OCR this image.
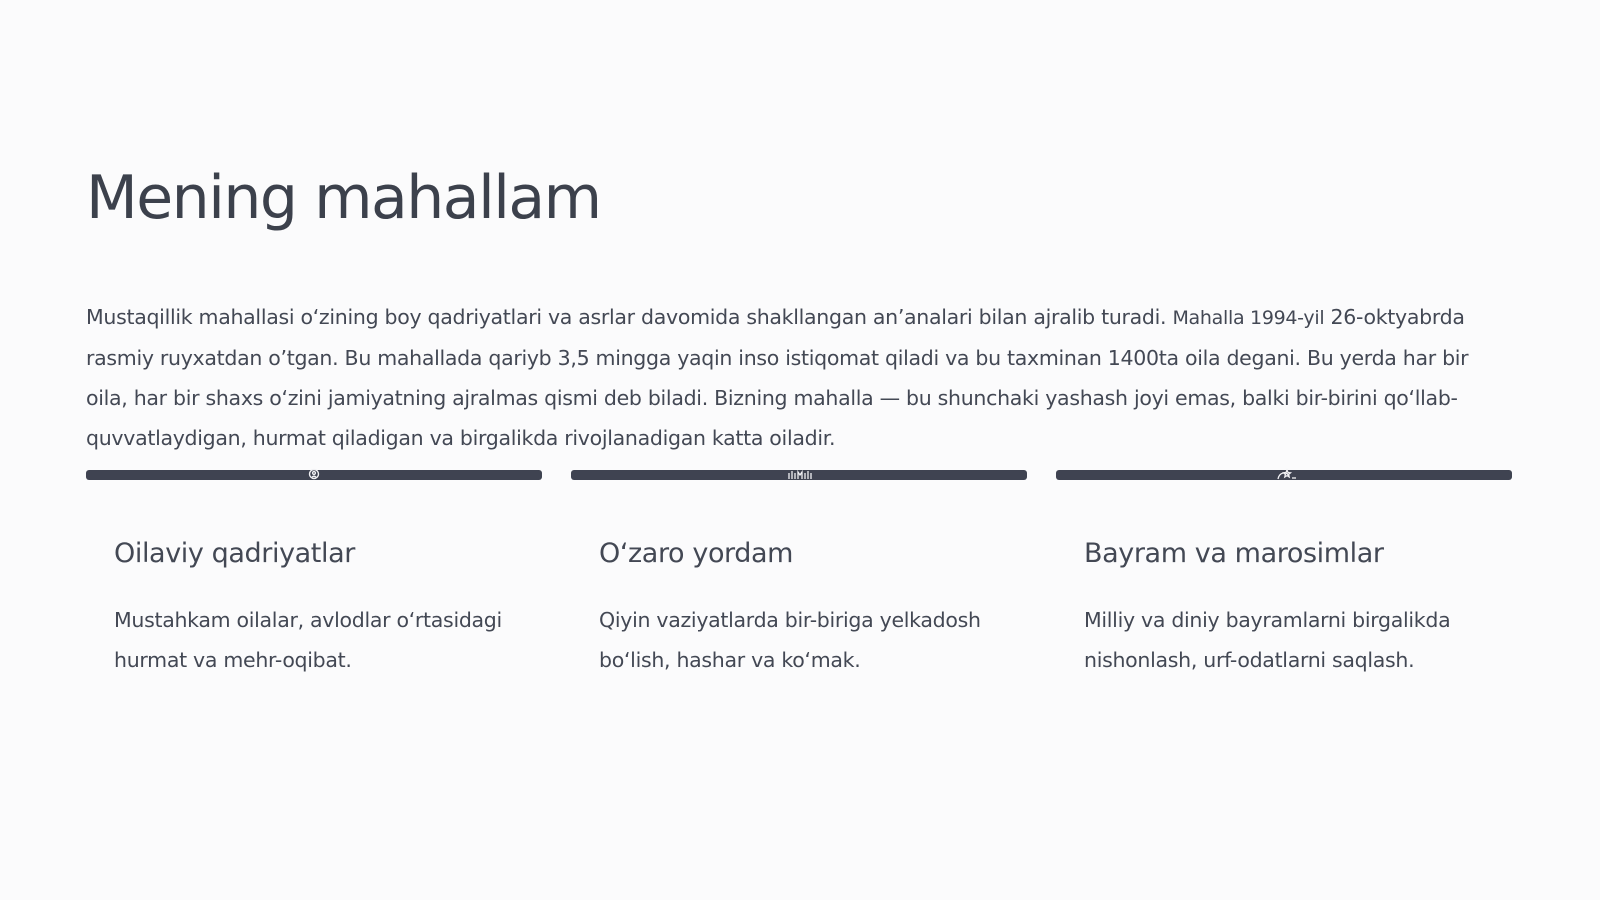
Mening mahallam

Mustaqillik mahallasi o‘zining boy qadriyatlari va asrlar davomida shakllangan an’analari bilan ajralib turadi. Mahalla 1994-yil 26-oktyabrda rasmiy ruyxatdan o’tgan. Bu mahallada qariyb 3,5 mingga yaqin inso istiqomat qiladi va bu taxminan 1400ta oila degani. Bu yerda har bir oila, har bir shaxs o‘zini jamiyatning ajralmas qismi deb biladi. Bizning mahalla — bu shunchaki yashash joyi emas, balki bir-birini qo‘llab-quvvatlaydigan, hurmat qiladigan va birgalikda rivojlanadigan katta oiladir.

Oilaviy qadriyatlar

Mustahkam oilalar, avlodlar o‘rtasidagi hurmat va mehr-oqibat.

O‘zaro yordam

Qiyin vaziyatlarda bir-biriga yelkadosh bo‘lish, hashar va ko‘mak.

Bayram va marosimlar

Milliy va diniy bayramlarni birgalikda nishonlash, urf-odatlarni saqlash.
